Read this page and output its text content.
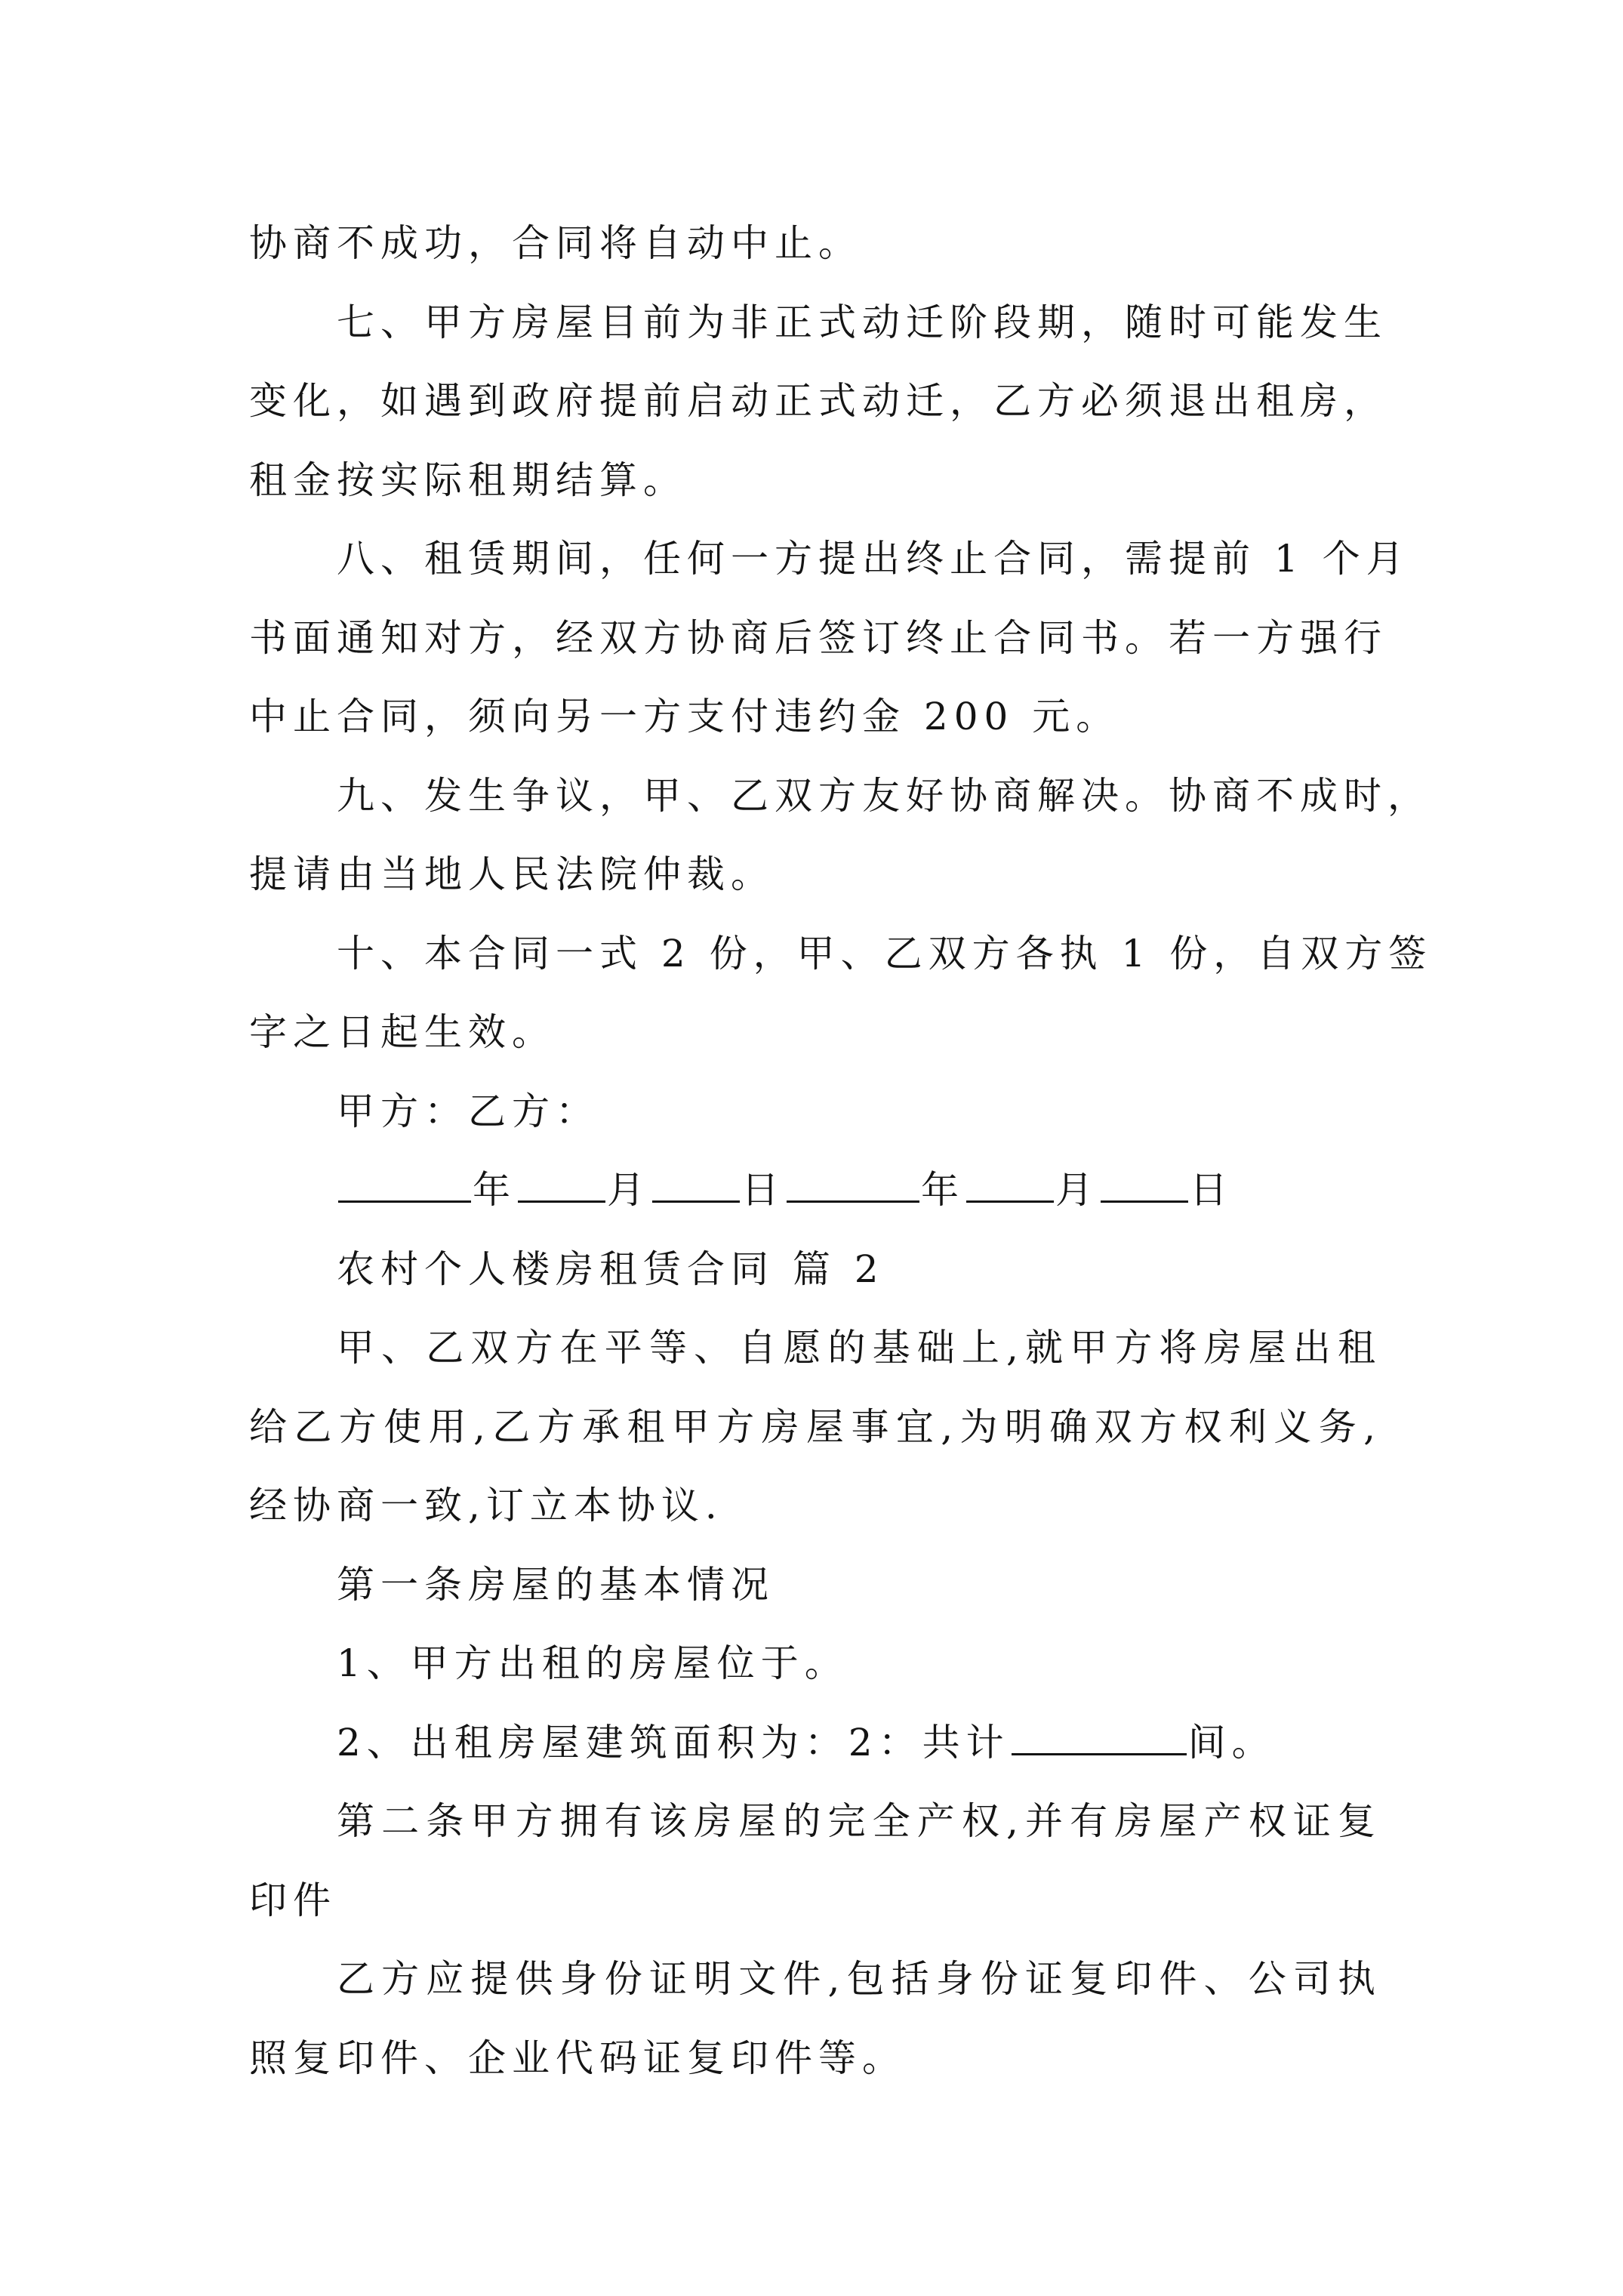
协商不成功，合同将自动中止。
七、甲方房屋目前为非正式动迁阶段期，随时可能发生
变化，如遇到政府提前启动正式动迁，乙方必须退出租房，
租金按实际租期结算。
八、租赁期间，任何一方提出终止合同，需提前 1 个月
书面通知对方，经双方协商后签订终止合同书。若一方强行
中止合同，须向另一方支付违约金 200 元。
九、发生争议，甲、乙双方友好协商解决。协商不成时，
提请由当地人民法院仲裁。
十、本合同一式 2 份，甲、乙双方各执 1 份，自双方签
字之日起生效。
甲方：乙方：
年 月 日	年 月 日
农村个人楼房租赁合同 篇 2
甲、乙双方在平等、自愿的基础上,就甲方将房屋出租
给乙方使用,乙方承租甲方房屋事宜,为明确双方权利义务,
经协商一致,订立本协议.
第一条房屋的基本情况
1、甲方出租的房屋位于。
2、出租房屋建筑面积为：2：共计	间。
第二条甲方拥有该房屋的完全产权,并有房屋产权证复
印件
乙方应提供身份证明文件,包括身份证复印件、公司执
照复印件、企业代码证复印件等。
